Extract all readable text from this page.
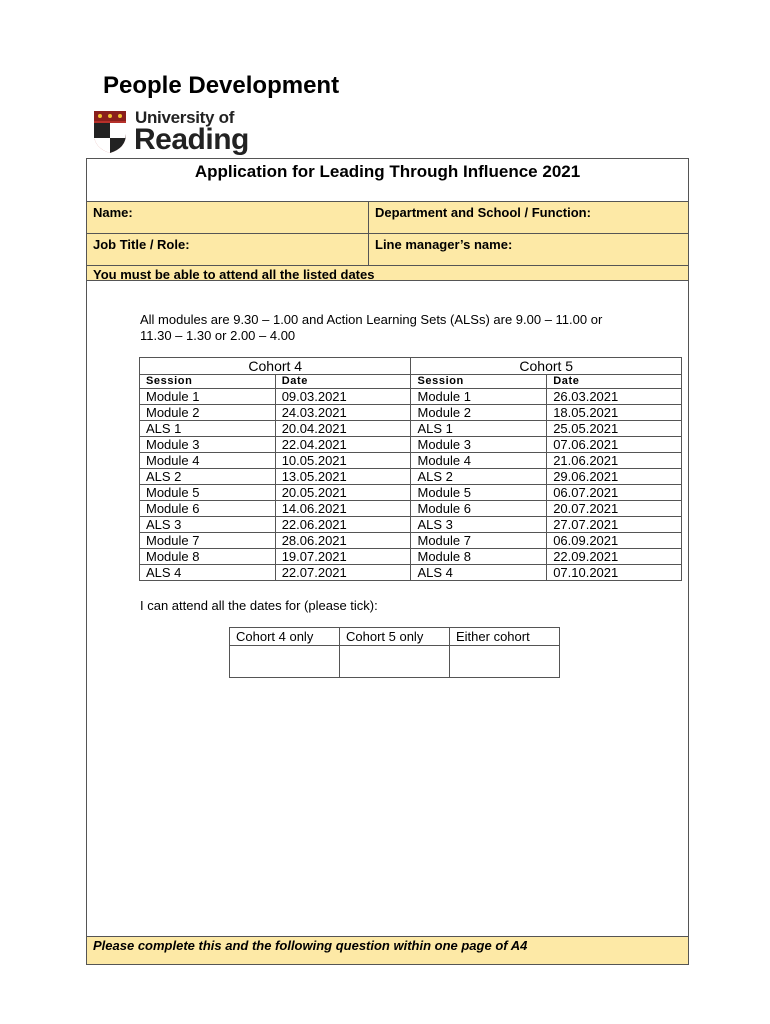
People Development
University of
Reading
Application for Leading Through Influence 2021
Name:	Department and School / Function:
Job Title / Role:	Line manager’s name:
You must be able to attend all the listed dates
Please complete this and the following question within one page of A4

All modules are 9.30 – 1.00 and Action Learning Sets (ALSs) are 9.00 – 11.00 or
11.30 – 1.30 or 2.00 – 4.00

Cohort 4		Cohort 5	
Session	Date	Session	Date
Module 1	09.03.2021	Module 1	26.03.2021
Module 2	24.03.2021	Module 2	18.05.2021
ALS 1	20.04.2021	ALS 1	25.05.2021
Module 3	22.04.2021	Module 3	07.06.2021
Module 4	10.05.2021	Module 4	21.06.2021
ALS 2	13.05.2021	ALS 2	29.06.2021
Module 5	20.05.2021	Module 5	06.07.2021
Module 6	14.06.2021	Module 6	20.07.2021
ALS 3	22.06.2021	ALS 3	27.07.2021
Module 7	28.06.2021	Module 7	06.09.2021
Module 8	19.07.2021	Module 8	22.09.2021
ALS 4	22.07.2021	ALS 4	07.10.2021

I can attend all the dates for (please tick):

Cohort 4 only	Cohort 5 only	Either cohort
